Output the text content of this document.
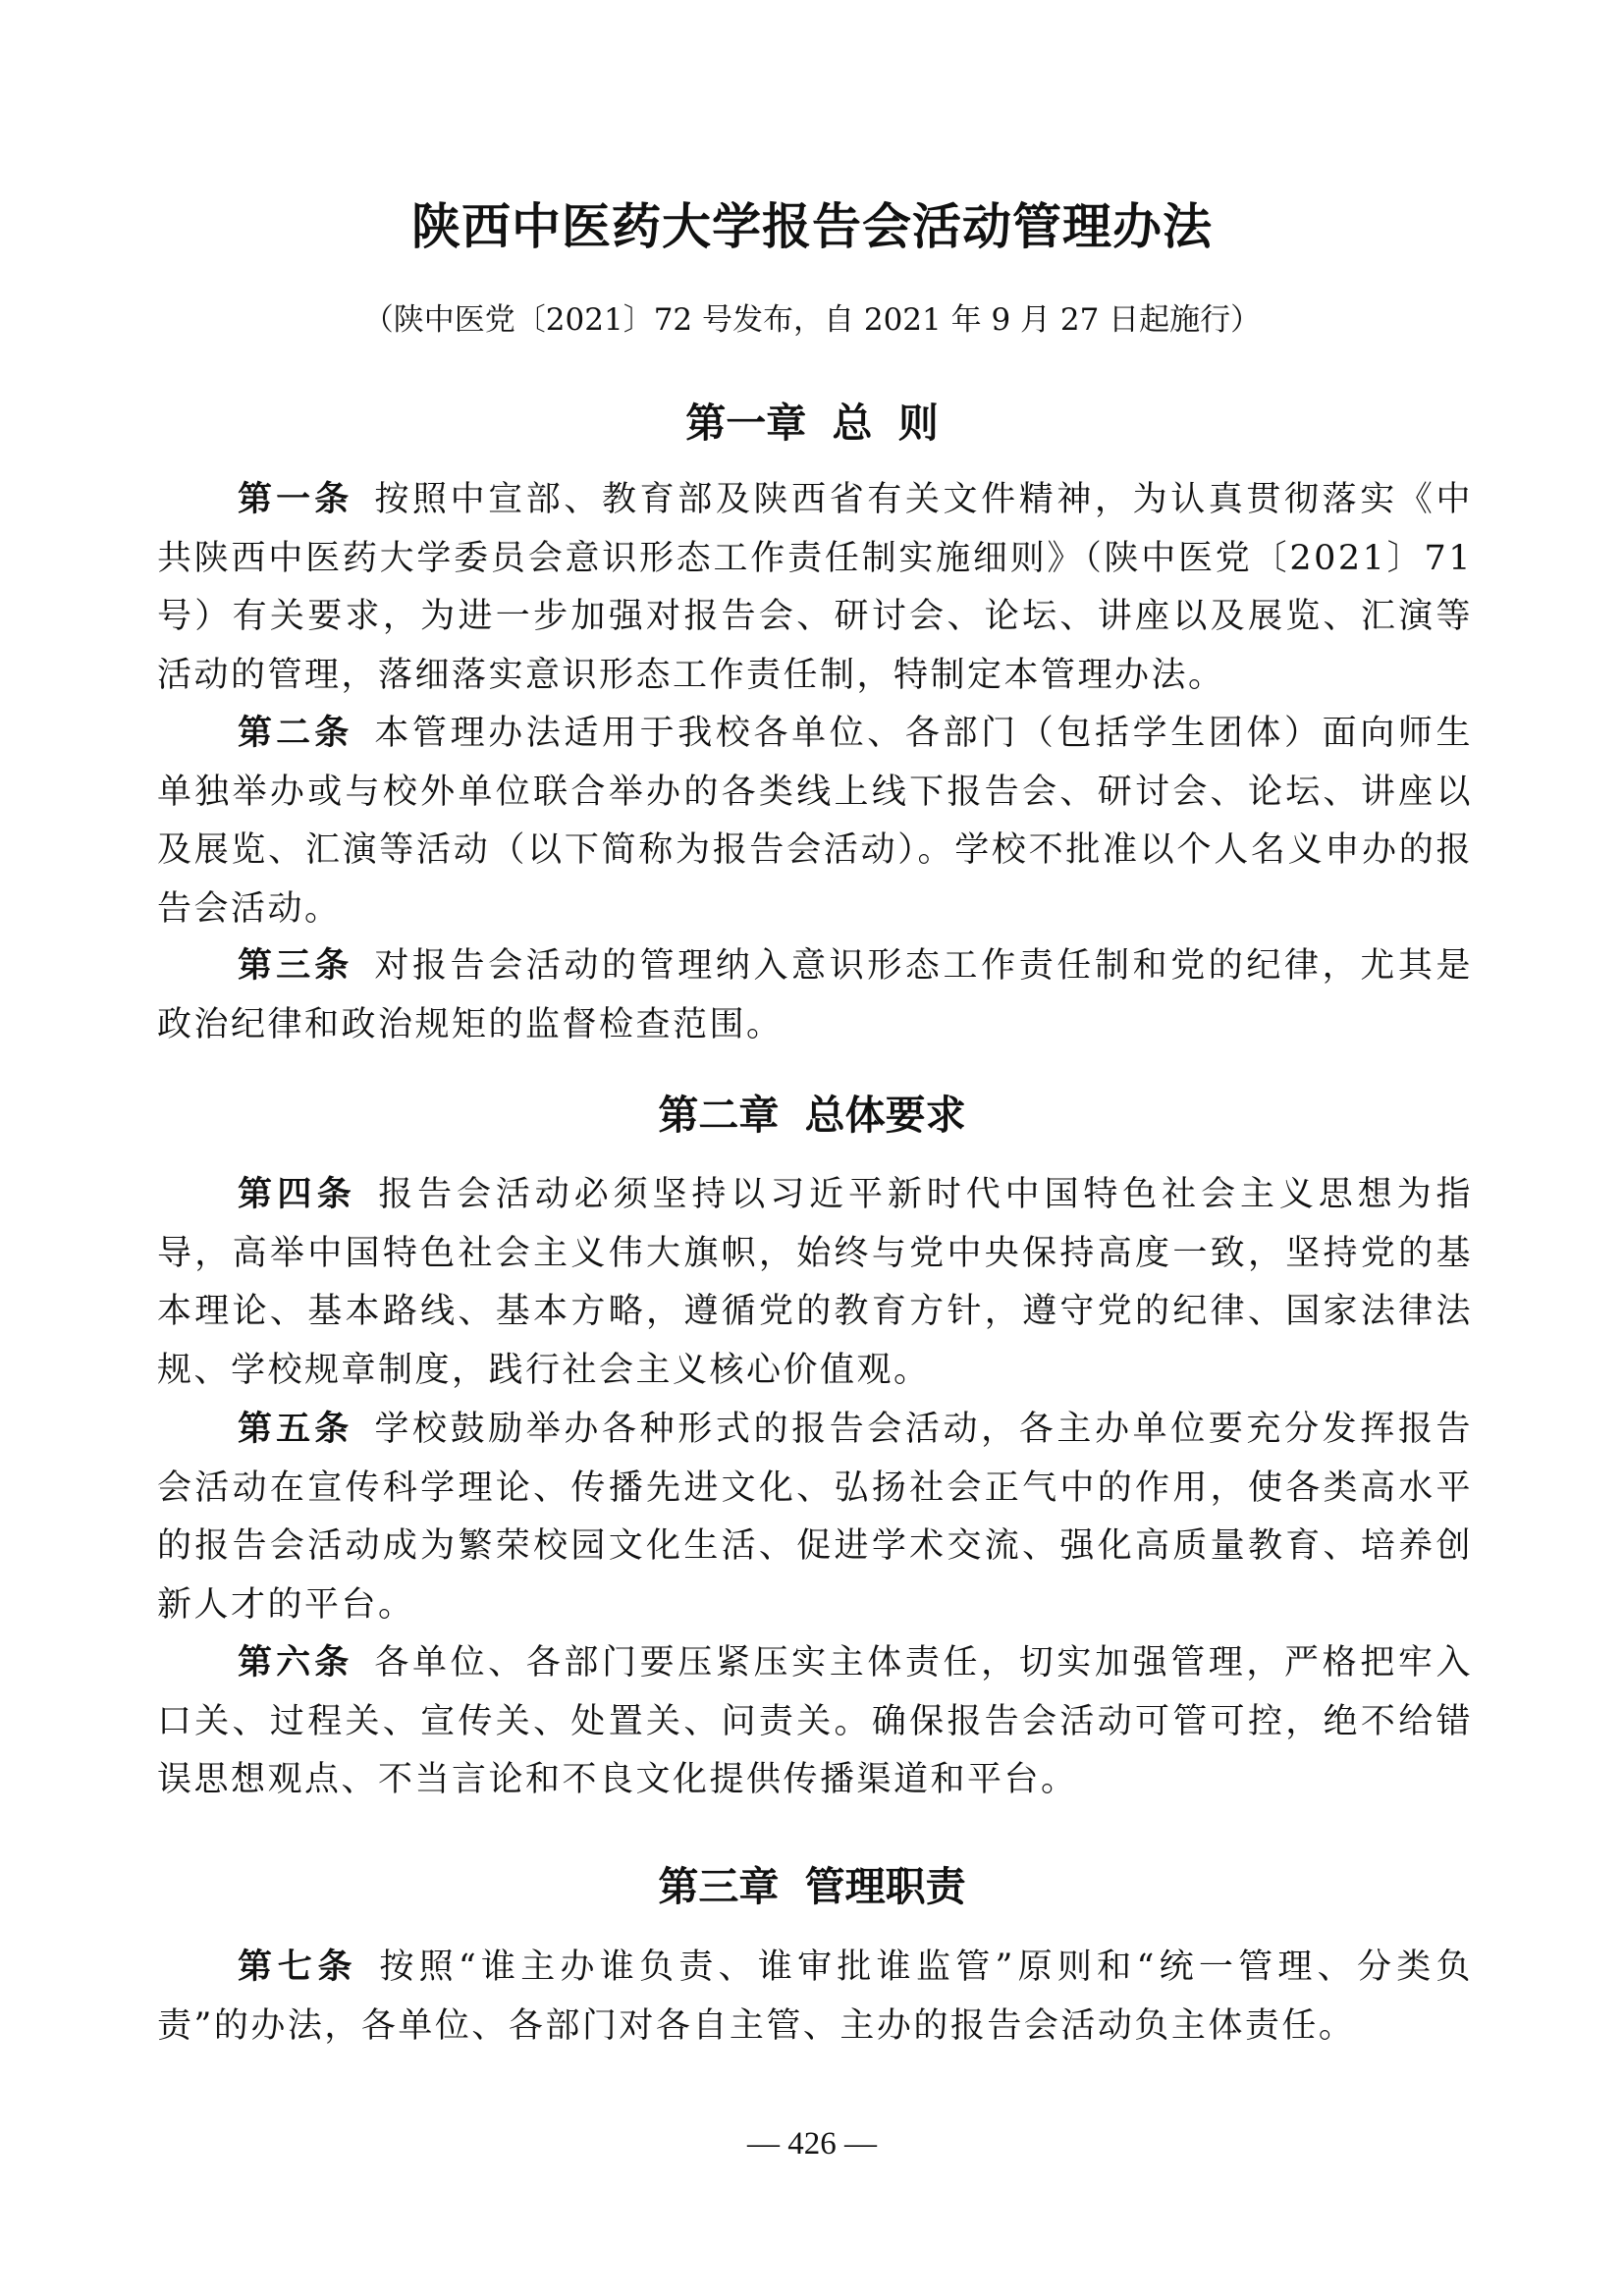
陕西中医药大学报告会活动管理办法

（陕中医党〔2021〕72 号发布，自 2021 年 9 月 27 日起施行）

第一章 总 则

第一条 按照中宣部、教育部及陕西省有关文件精神，为认真贯彻落实《中共陕西中医药大学委员会意识形态工作责任制实施细则》（陕中医党〔2021〕71 号）有关要求，为进一步加强对报告会、研讨会、论坛、讲座以及展览、汇演等活动的管理，落细落实意识形态工作责任制，特制定本管理办法。

第二条 本管理办法适用于我校各单位、各部门（包括学生团体）面向师生单独举办或与校外单位联合举办的各类线上线下报告会、研讨会、论坛、讲座以及展览、汇演等活动（以下简称为报告会活动）。学校不批准以个人名义申办的报告会活动。

第三条 对报告会活动的管理纳入意识形态工作责任制和党的纪律，尤其是政治纪律和政治规矩的监督检查范围。

第二章 总体要求

第四条 报告会活动必须坚持以习近平新时代中国特色社会主义思想为指导，高举中国特色社会主义伟大旗帜，始终与党中央保持高度一致，坚持党的基本理论、基本路线、基本方略，遵循党的教育方针，遵守党的纪律、国家法律法规、学校规章制度，践行社会主义核心价值观。

第五条 学校鼓励举办各种形式的报告会活动，各主办单位要充分发挥报告会活动在宣传科学理论、传播先进文化、弘扬社会正气中的作用，使各类高水平的报告会活动成为繁荣校园文化生活、促进学术交流、强化高质量教育、培养创新人才的平台。

第六条 各单位、各部门要压紧压实主体责任，切实加强管理，严格把牢入口关、过程关、宣传关、处置关、问责关。确保报告会活动可管可控，绝不给错误思想观点、不当言论和不良文化提供传播渠道和平台。

第三章 管理职责

第七条 按照“谁主办谁负责、谁审批谁监管”原则和“统一管理、分类负责”的办法，各单位、各部门对各自主管、主办的报告会活动负主体责任。

— 426 —
